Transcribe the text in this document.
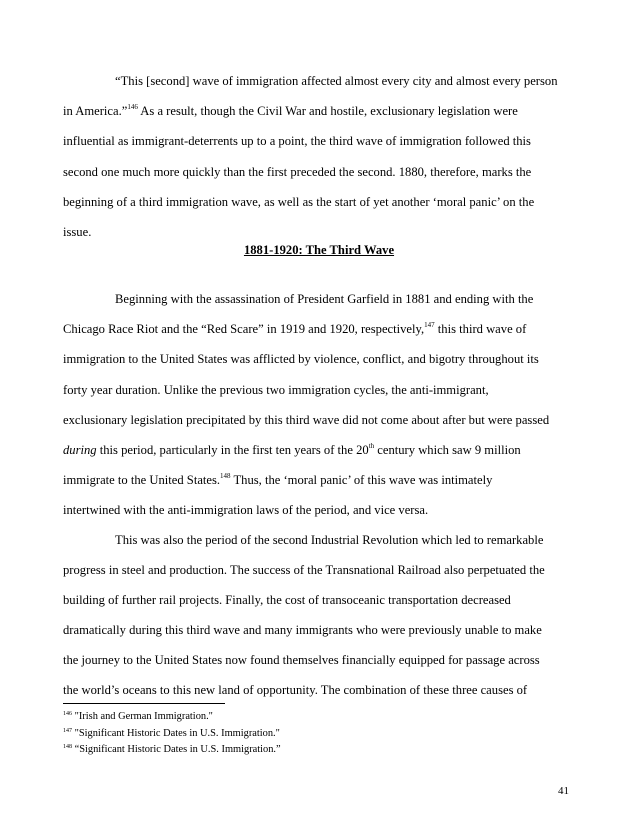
“This [second] wave of immigration affected almost every city and almost every person
in America.”$^{146}$ As a result, though the Civil War and hostile, exclusionary legislation were
influential as immigrant-deterrents up to a point, the third wave of immigration followed this
second one much more quickly than the first preceded the second. 1880, therefore, marks the
beginning of a third immigration wave, as well as the start of yet another ‘moral panic’ on the
issue.
1881-1920: The Third Wave
Beginning with the assassination of President Garfield in 1881 and ending with the
Chicago Race Riot and the “Red Scare” in 1919 and 1920, respectively,$^{147}$ this third wave of
immigration to the United States was afflicted by violence, conflict, and bigotry throughout its
forty year duration. Unlike the previous two immigration cycles, the anti-immigrant,
exclusionary legislation precipitated by this third wave did not come about after but were passed
during this period, particularly in the first ten years of the 20th century which saw 9 million
immigrate to the United States.$^{148}$ Thus, the ‘moral panic’ of this wave was intimately
intertwined with the anti-immigration laws of the period, and vice versa.
This was also the period of the second Industrial Revolution which led to remarkable
progress in steel and production. The success of the Transnational Railroad also perpetuated the
building of further rail projects. Finally, the cost of transoceanic transportation decreased
dramatically during this third wave and many immigrants who were previously unable to make
the journey to the United States now found themselves financially equipped for passage across
the world’s oceans to this new land of opportunity. The combination of these three causes of
$^{146}$ "Irish and German Immigration."
$^{147}$ "Significant Historic Dates in U.S. Immigration."
$^{148}$ “Significant Historic Dates in U.S. Immigration.”
41
